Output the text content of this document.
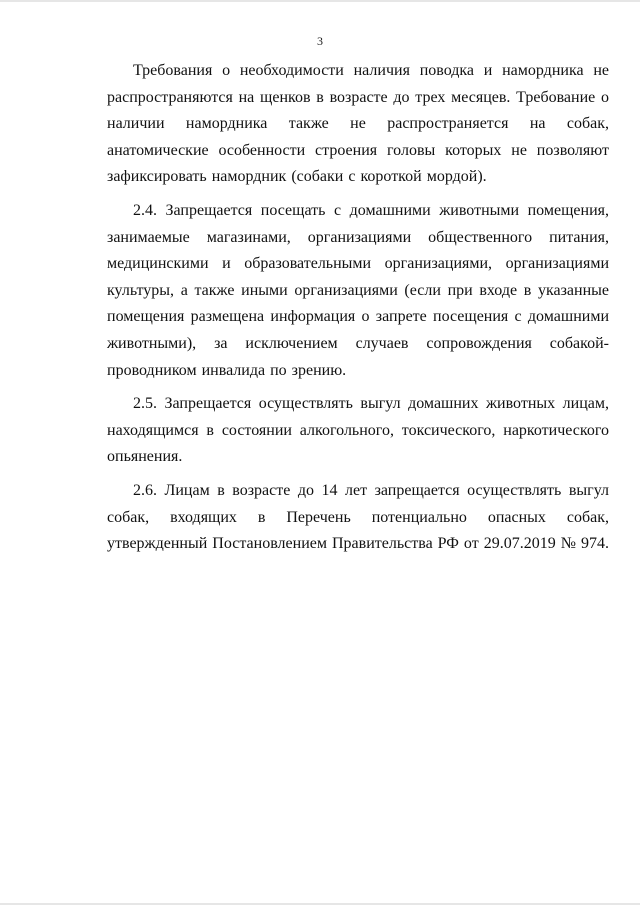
3

Требования о необходимости наличия поводка и намордника не распространяются на щенков в возрасте до трех месяцев. Требование о наличии намордника также не распространяется на собак, анатомические особенности строения головы которых не позволяют зафиксировать намордник (собаки с короткой мордой).

2.4. Запрещается посещать с домашними животными помещения, занимаемые магазинами, организациями общественного питания, медицинскими и образовательными организациями, организациями культуры, а также иными организациями (если при входе в указанные помещения размещена информация о запрете посещения с домашними животными), за исключением случаев сопровождения собакой-проводником инвалида по зрению.

2.5. Запрещается осуществлять выгул домашних животных лицам, находящимся в состоянии алкогольного, токсического, наркотического опьянения.

2.6. Лицам в возрасте до 14 лет запрещается осуществлять выгул собак, входящих в Перечень потенциально опасных собак, утвержденный Постановлением Правительства РФ от 29.07.2019 № 974.
